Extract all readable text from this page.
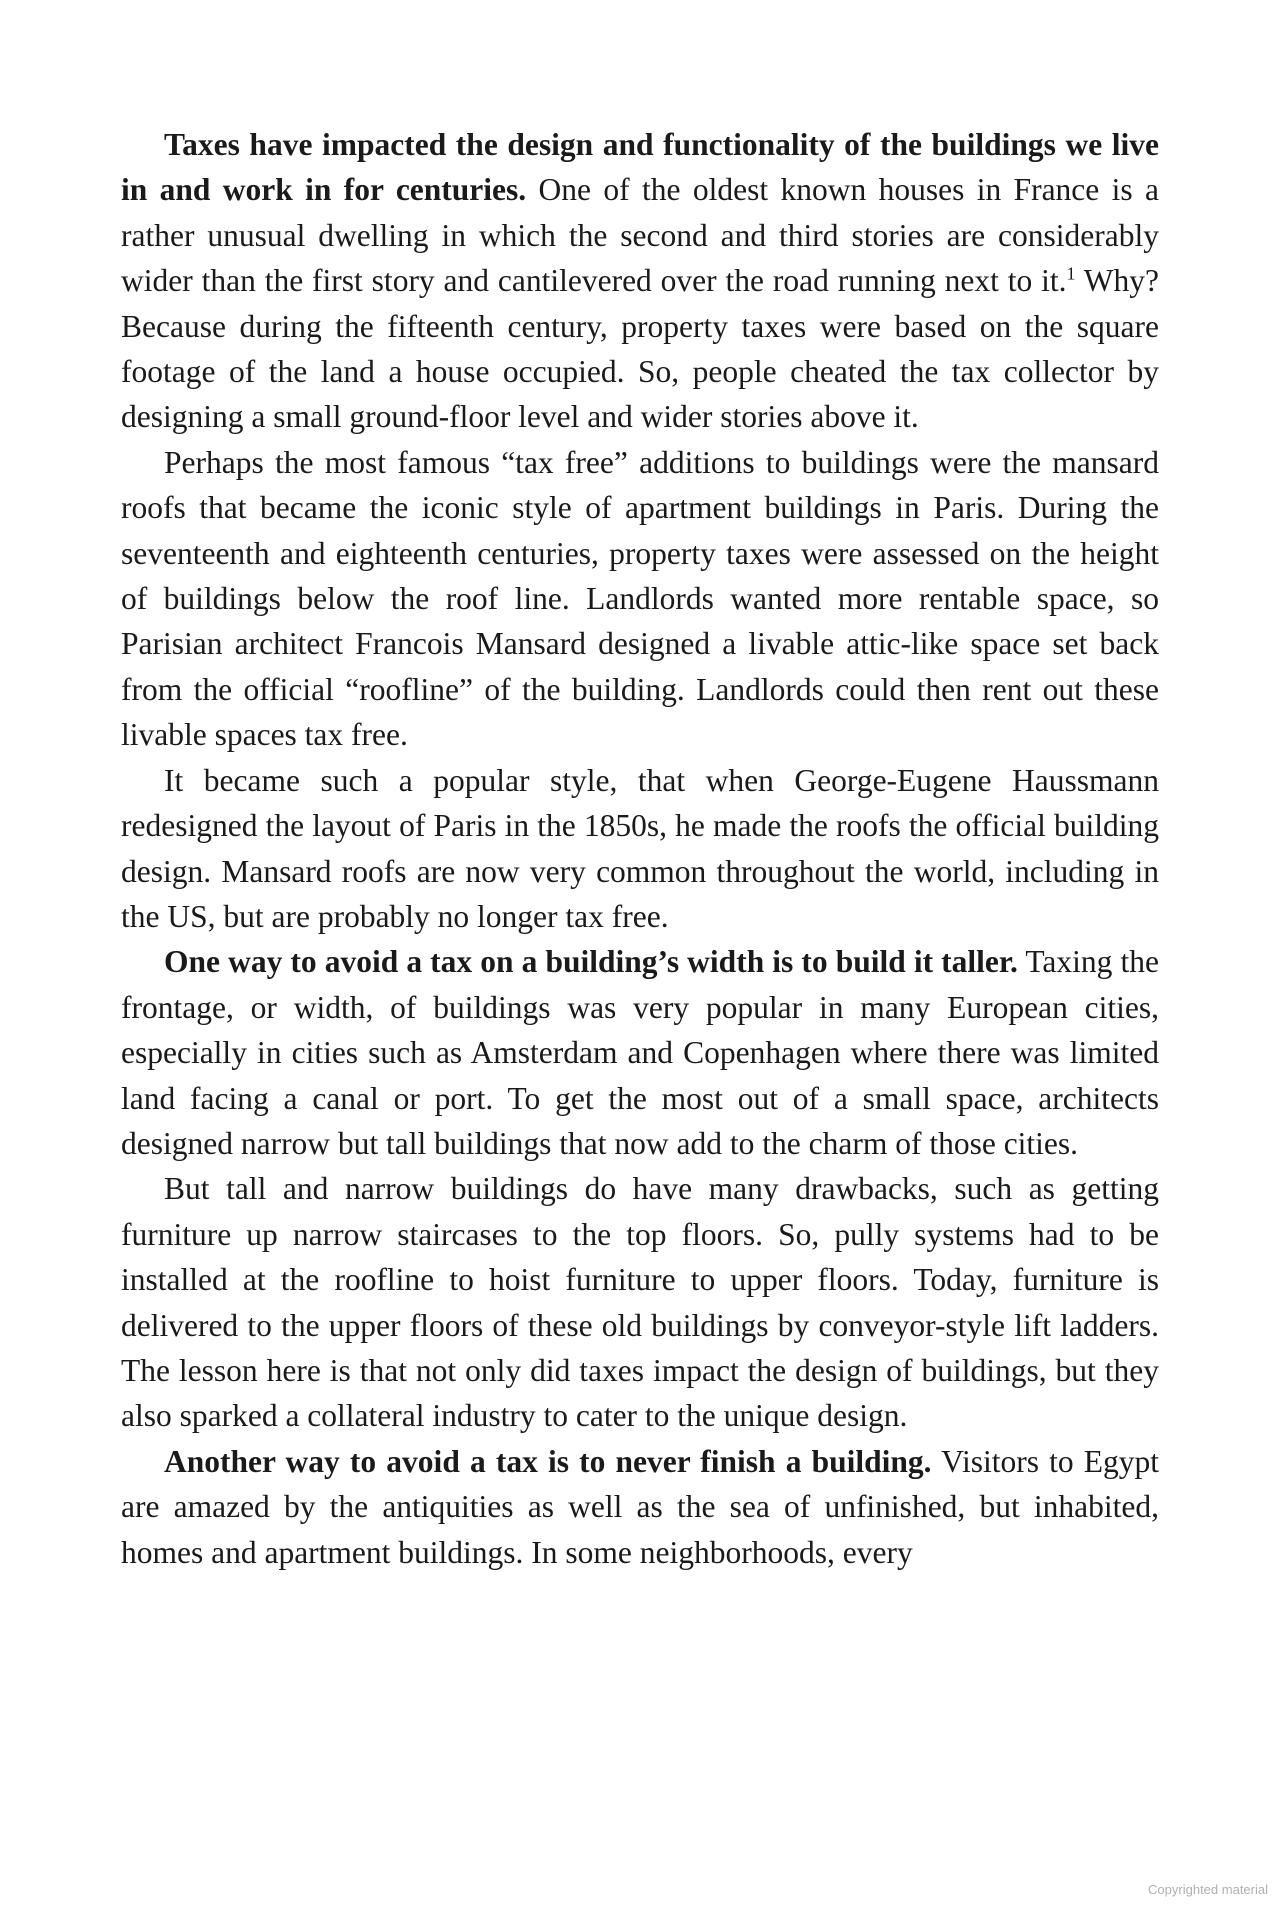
Taxes have impacted the design and functionality of the buildings we live in and work in for centuries. One of the oldest known houses in France is a rather unusual dwelling in which the second and third stories are considerably wider than the first story and cantilevered over the road running next to it.$^1$ Why? Because during the fifteenth century, property taxes were based on the square footage of the land a house occupied. So, people cheated the tax collector by designing a small ground-floor level and wider stories above it.

Perhaps the most famous “tax free” additions to buildings were the mansard roofs that became the iconic style of apartment buildings in Paris. During the seventeenth and eighteenth centuries, property taxes were assessed on the height of buildings below the roof line. Landlords wanted more rentable space, so Parisian architect Francois Mansard designed a livable attic-like space set back from the official “roofline” of the building. Landlords could then rent out these livable spaces tax free.

It became such a popular style, that when George-Eugene Haussmann redesigned the layout of Paris in the 1850s, he made the roofs the official building design. Mansard roofs are now very common throughout the world, including in the US, but are probably no longer tax free.

One way to avoid a tax on a building’s width is to build it taller. Taxing the frontage, or width, of buildings was very popular in many European cities, especially in cities such as Amsterdam and Copenhagen where there was limited land facing a canal or port. To get the most out of a small space, architects designed narrow but tall buildings that now add to the charm of those cities.

But tall and narrow buildings do have many drawbacks, such as getting furniture up narrow staircases to the top floors. So, pully systems had to be installed at the roofline to hoist furniture to upper floors. Today, furniture is delivered to the upper floors of these old buildings by conveyor-style lift ladders. The lesson here is that not only did taxes impact the design of buildings, but they also sparked a collateral industry to cater to the unique design.

Another way to avoid a tax is to never finish a building. Visitors to Egypt are amazed by the antiquities as well as the sea of unfinished, but inhabited, homes and apartment buildings. In some neighborhoods, every

Copyrighted material
